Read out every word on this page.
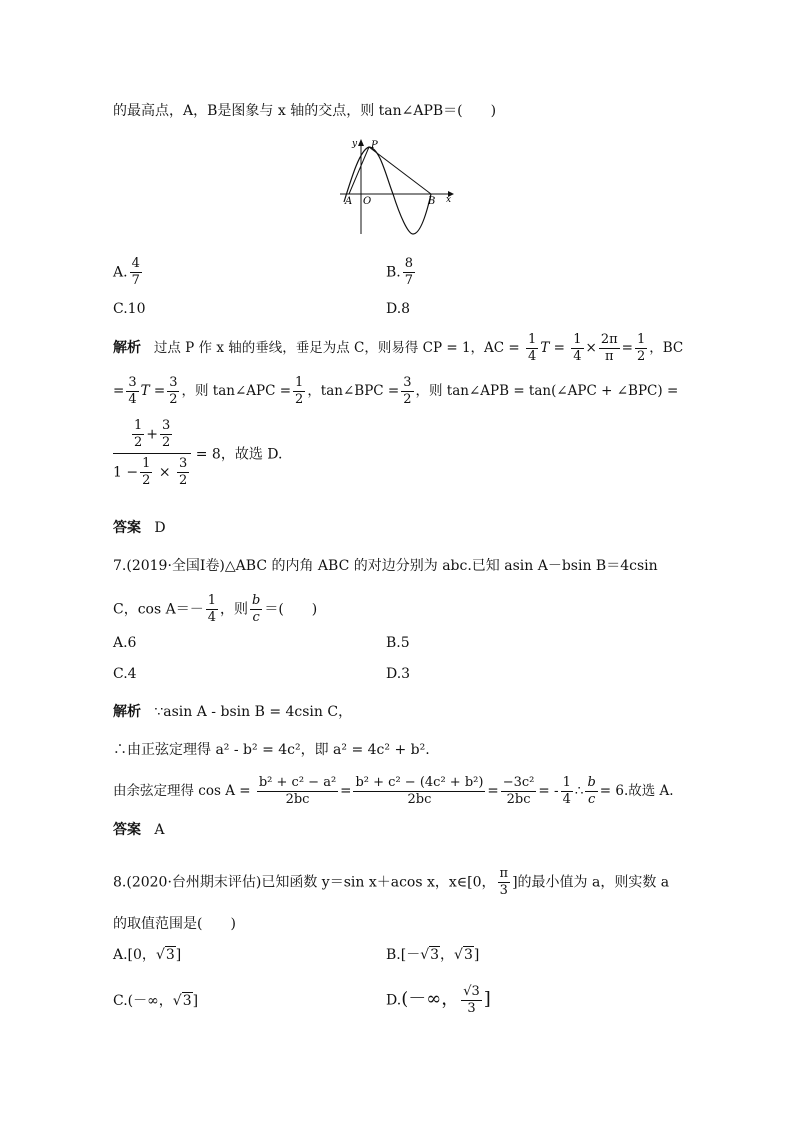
的最高点，A，B是图象与 x 轴的交点，则 tan∠APB＝(　　)
y P
x
A O	B
A. $\frac{4}{7}$	B. $\frac{8}{7}$
C.10	D.8
解析 过点 P 作 x 轴的垂线，垂足为点 C，则易得 CP = 1，AC = $\frac{1}{4}$ $T = \frac{1}{4} \times \frac{2\pi}{\pi} = \frac{1}{2}$ ，BC
= $\frac{3}{4}$ $T = \frac{3}{2}$ ，则 tan∠APC = $\frac{1}{2}$ ，tan∠BPC = $\frac{3}{2}$ ，则 tan∠APB = tan(∠APC + ∠BPC) =
$\frac{\frac{1}{2} + \frac{3}{2}}{1 - \frac{1}{2} \times \frac{3}{2}} = 8$，故选 D.
答案 D
7.(2019·全国Ⅰ卷)△ABC 的内角 ABC 的对边分别为 abc.已知 asin A－bsin B＝4csin
C，$\cos A=- \frac{1}{4}$ ，则 $\frac{b}{c}$ ＝(　　)
A.6	B.5
C.4	D.3
解析 ∵asin A - bsin B = 4csin C，
∴由正弦定理得 a² - b² = 4c²，即 a² = 4c² + b².
由余弦定理得 $\cos A = \frac{\text{b² + c² − a²}}{2bc} = \frac{\text{b² + c² − (4c² + b²)}}{2bc} = \frac{\text{−3c²}}{2bc}$ = - $\frac{1}{4}$ ∴ $\frac{b}{c} = 6$.故选 A.
答案 A
8.(2020·台州期末评估)已知函数 y＝sin x＋acos x，x∈[0， $\frac{\pi}{3}$ ]的最小值为 a，则实数 a
的取值范围是(　　)
A.[0，√3]	B.[－√3，√3]
C.(－∞，√3]	D.(－∞， $\frac{√3}{3}$ ]
